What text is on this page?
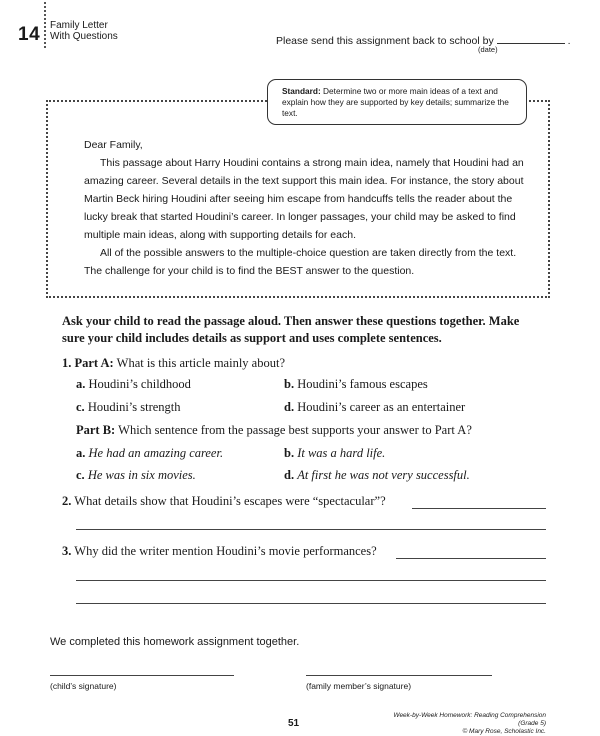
14 Family Letter
With Questions	Please send this assignment back to school by	.
(date)
Standard: Determine two or more main ideas of a text and explain how they are supported by key details; summarize the text.

Dear Family,

This passage about Harry Houdini contains a strong main idea, namely that Houdini had an amazing career. Several details in the text support this main idea. For instance, the story about Martin Beck hiring Houdini after seeing him escape from handcuffs tells the reader about the lucky break that started Houdini’s career. In longer passages, your child may be asked to find multiple main ideas, along with supporting details for each.

All of the possible answers to the multiple-choice question are taken directly from the text. The challenge for your child is to find the BEST answer to the question.

Ask your child to read the passage aloud. Then answer these questions together. Make sure your child includes details as support and uses complete sentences.
1. Part A: What is this article mainly about?
a. Houdini’s childhood	b. Houdini’s famous escapes
c. Houdini’s strength	d. Houdini’s career as an entertainer
Part B: Which sentence from the passage best supports your answer to Part A?
a. He had an amazing career.	b. It was a hard life.
c. He was in six movies.	d. At first he was not very successful.
2. What details show that Houdini’s escapes were “spectacular”?
3. Why did the writer mention Houdini’s movie performances?
We completed this homework assignment together.
(child’s signature)	(family member’s signature)
51
Week-by-Week Homework: Reading Comprehension (Grade 5)
© Mary Rose, Scholastic Inc.
